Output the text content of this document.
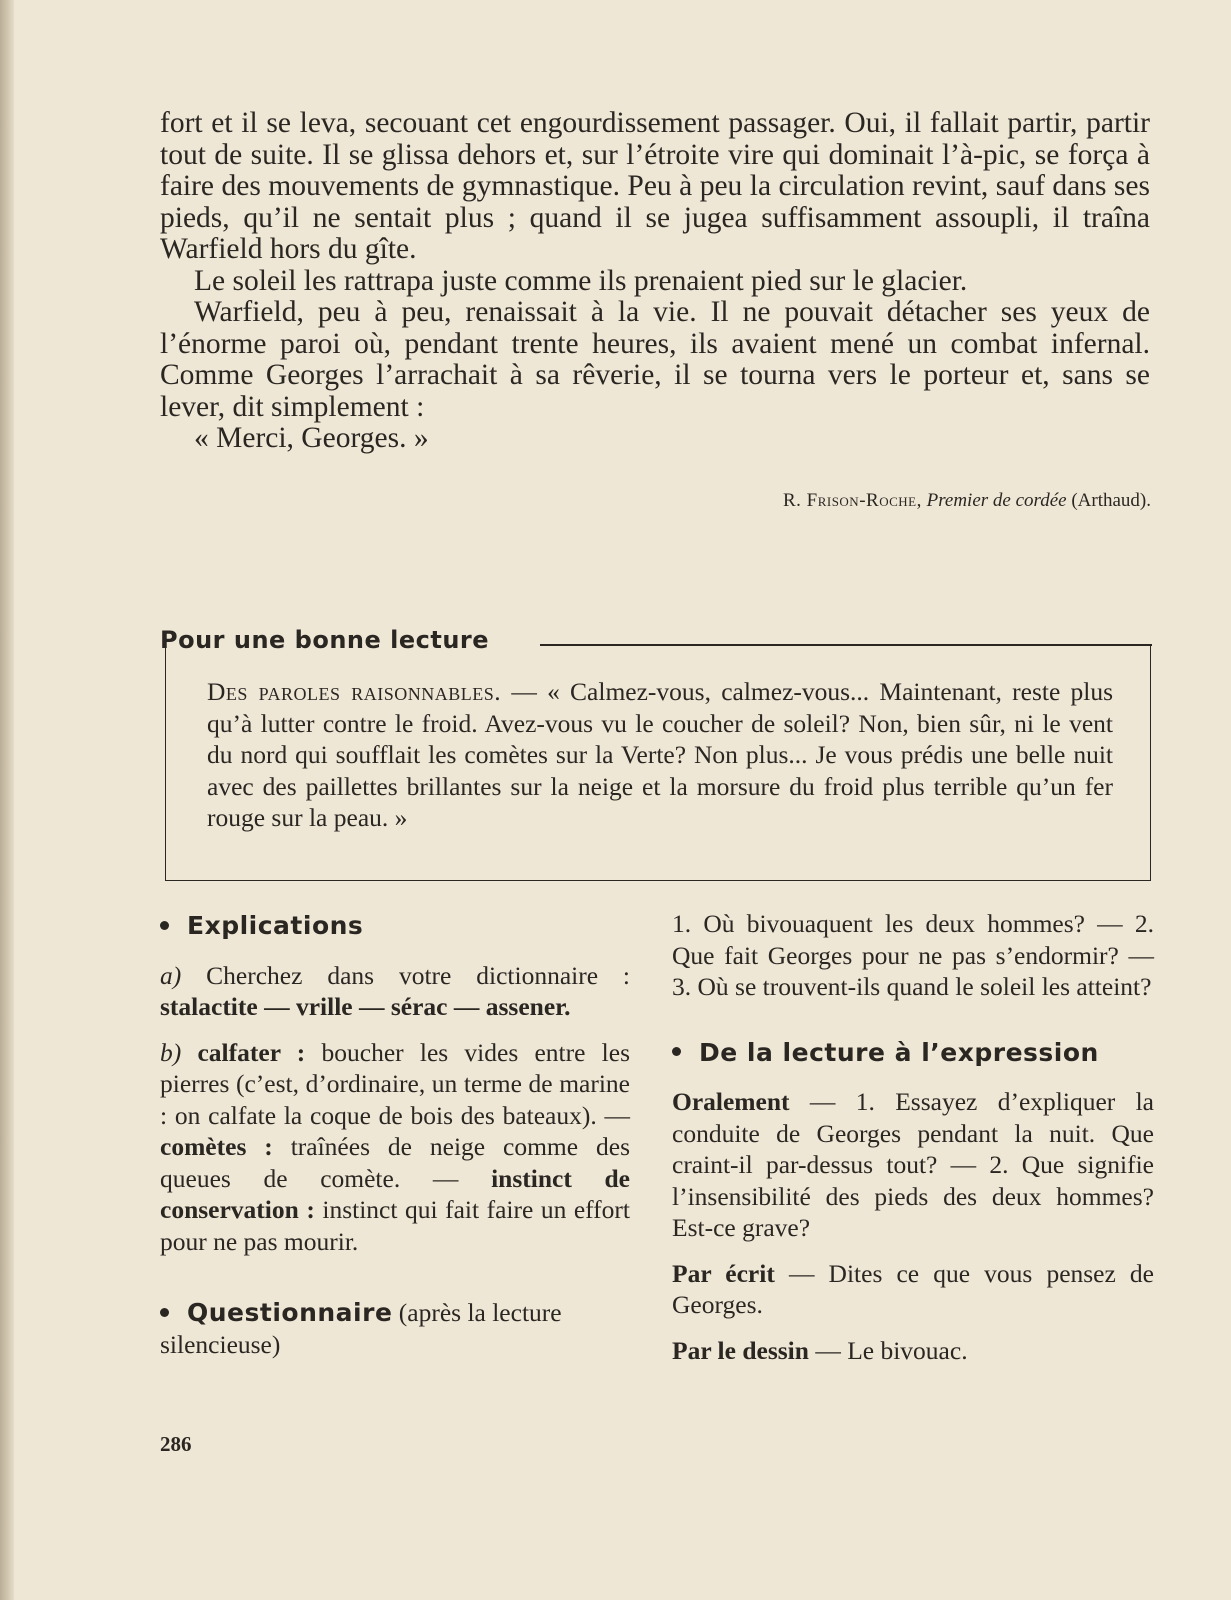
fort et il se leva, secouant cet engourdissement passager. Oui, il fallait partir, partir tout de suite. Il se glissa dehors et, sur l’étroite vire qui dominait l’à-pic, se força à faire des mouvements de gymnastique. Peu à peu la circulation revint, sauf dans ses pieds, qu’il ne sentait plus ; quand il se jugea suffisamment assoupli, il traîna Warfield hors du gîte.

Le soleil les rattrapa juste comme ils prenaient pied sur le glacier.

Warfield, peu à peu, renaissait à la vie. Il ne pouvait détacher ses yeux de l’énorme paroi où, pendant trente heures, ils avaient mené un combat infernal. Comme Georges l’arrachait à sa rêverie, il se tourna vers le porteur et, sans se lever, dit simplement :

« Merci, Georges. »

R. Frison-Roche, Premier de cordée (Arthaud).
Pour une bonne lecture
Des paroles raisonnables. — « Calmez-vous, calmez-vous... Maintenant, reste plus qu’à lutter contre le froid. Avez-vous vu le coucher de soleil? Non, bien sûr, ni le vent du nord qui soufflait les comètes sur la Verte? Non plus... Je vous prédis une belle nuit avec des paillettes brillantes sur la neige et la morsure du froid plus terrible qu’un fer rouge sur la peau. »
Explications

a) Cherchez dans votre dictionnaire : stalactite — vrille — sérac — assener.

b) calfater : boucher les vides entre les pierres (c’est, d’ordinaire, un terme de marine : on calfate la coque de bois des bateaux). — comètes : traînées de neige comme des queues de comète. — instinct de conservation : instinct qui fait faire un effort pour ne pas mourir.

Questionnaire (après la lecture silencieuse)

1. Où bivouaquent les deux hommes? — 2. Que fait Georges pour ne pas s’endormir? — 3. Où se trouvent-ils quand le soleil les atteint?

De la lecture à l’expression

Oralement — 1. Essayez d’expliquer la conduite de Georges pendant la nuit. Que craint-il par-dessus tout? — 2. Que signifie l’insensibilité des pieds des deux hommes? Est-ce grave?

Par écrit — Dites ce que vous pensez de Georges.

Par le dessin — Le bivouac.

286
